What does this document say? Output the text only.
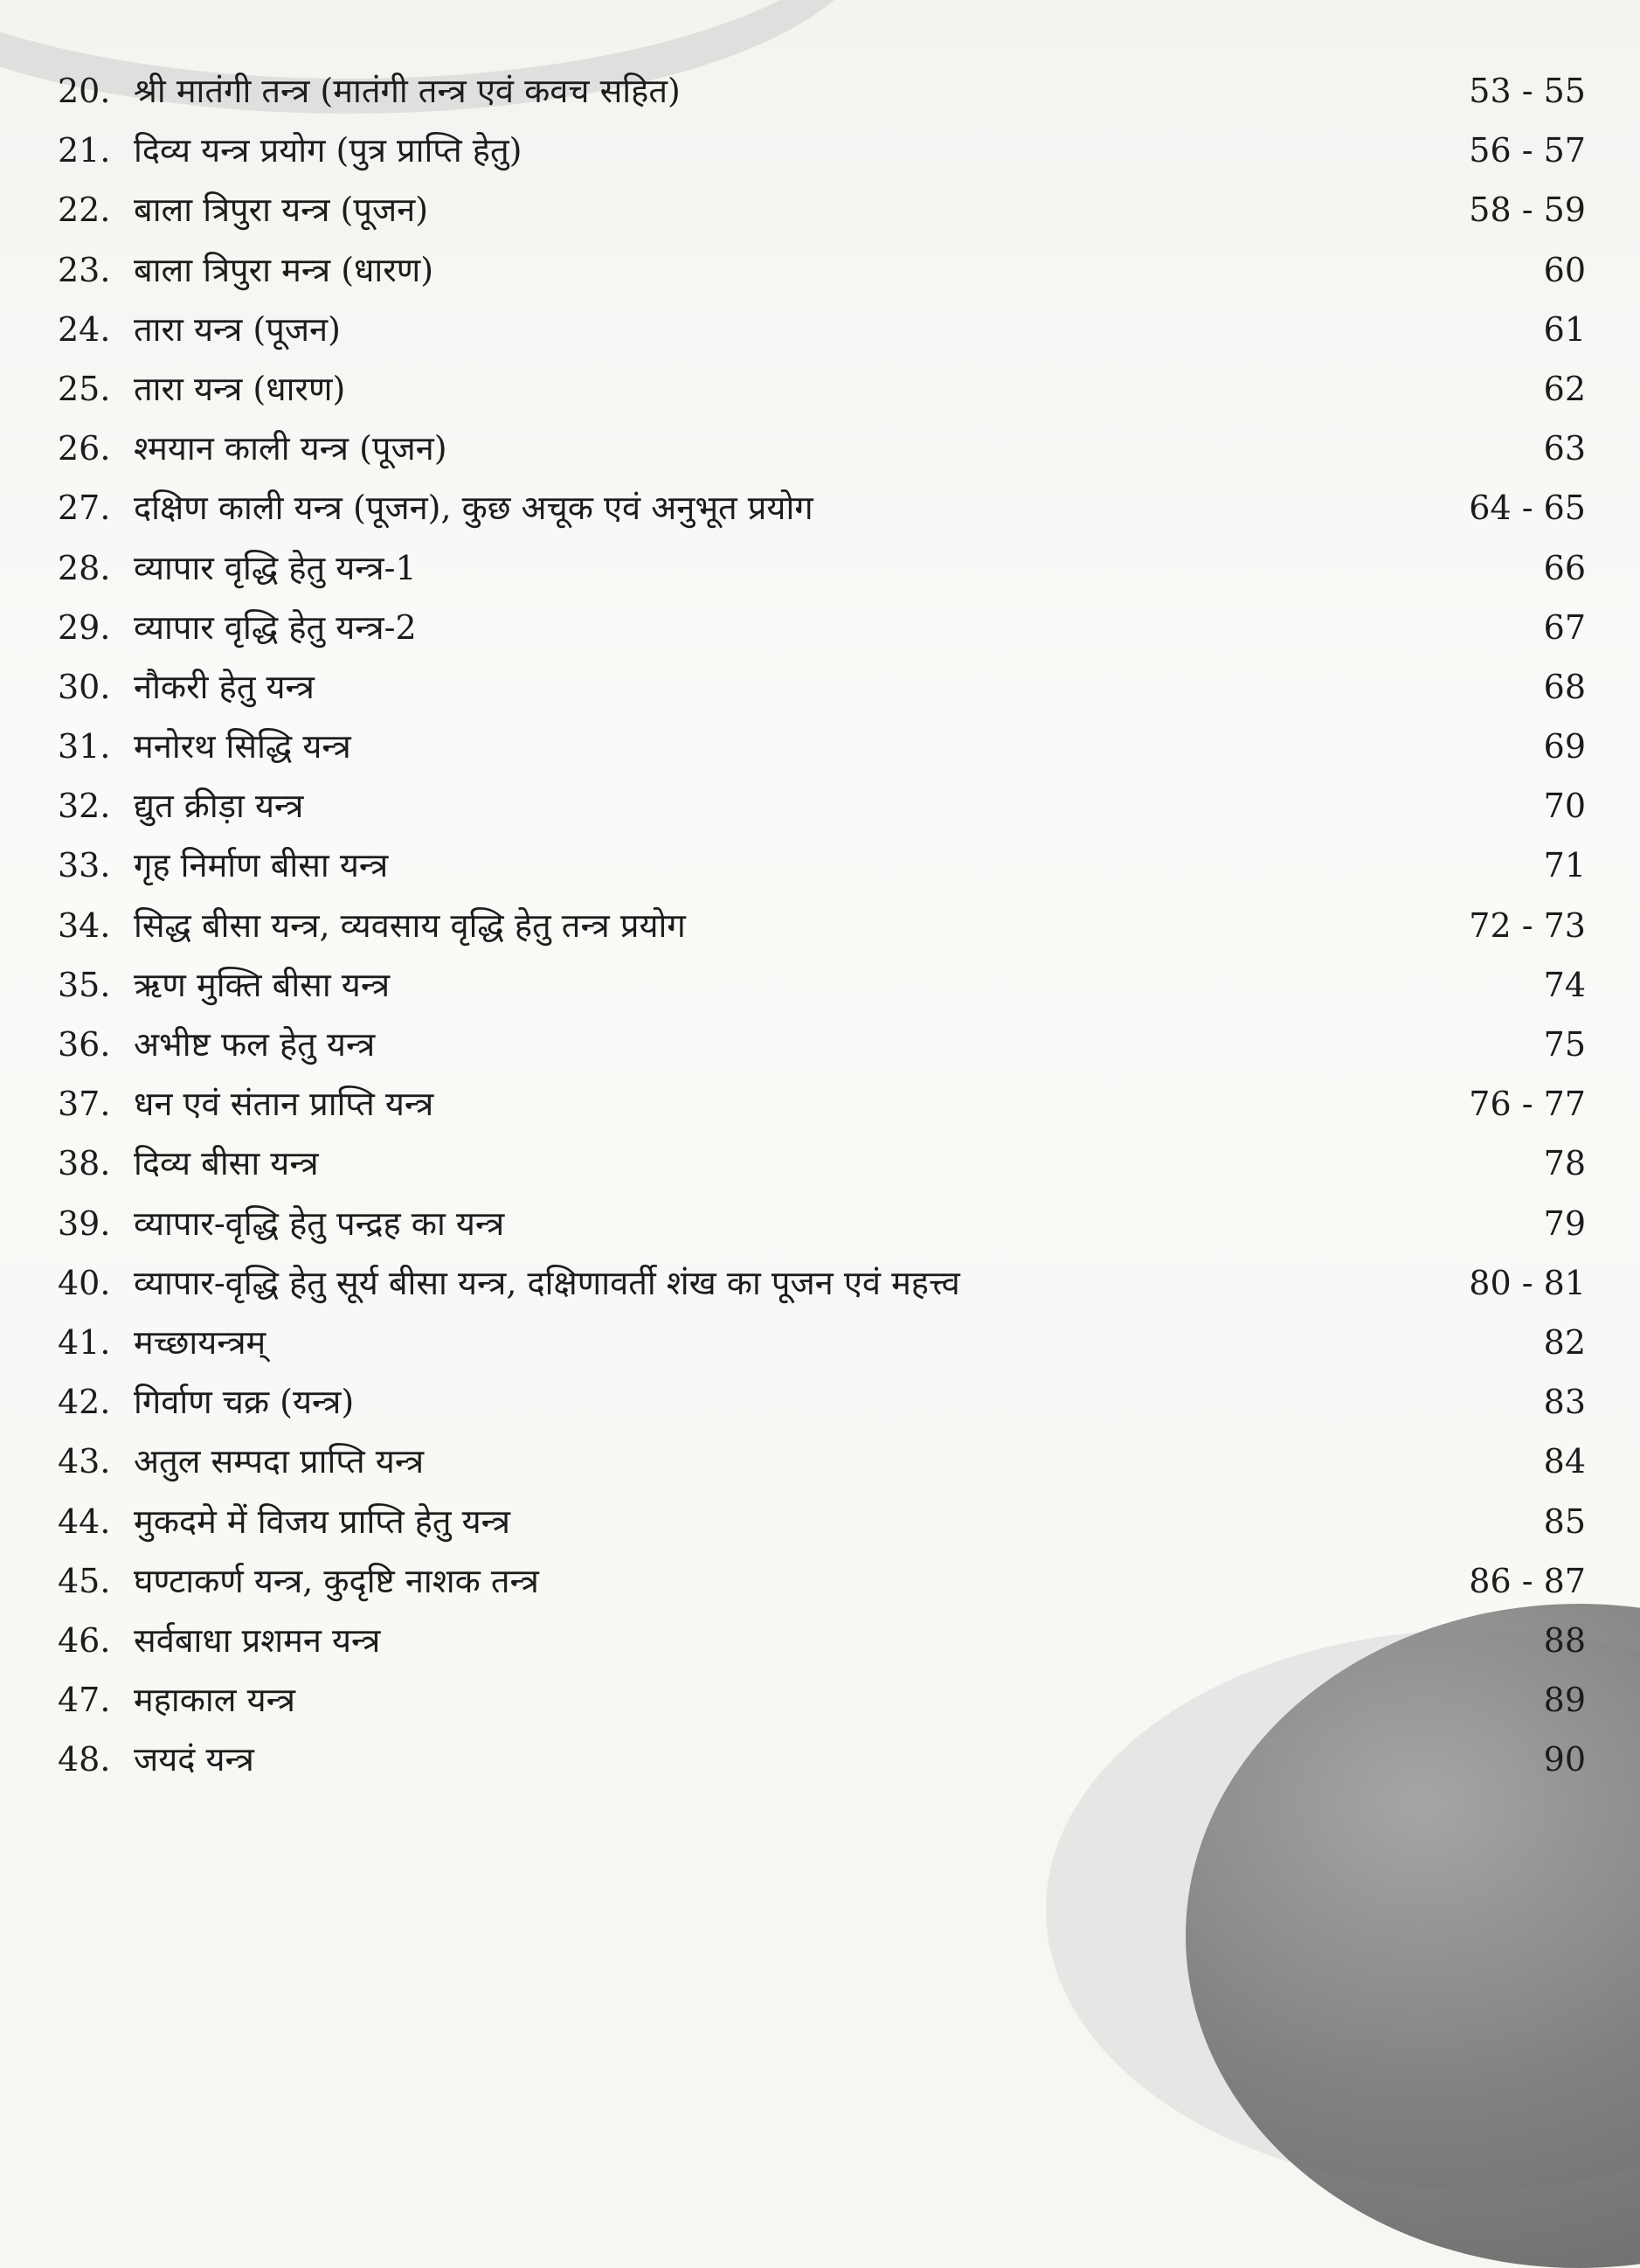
20. श्री मातंगी तन्त्र (मातंगी तन्त्र एवं कवच सहित)	53 - 55
21. दिव्य यन्त्र प्रयोग (पुत्र प्राप्ति हेतु)	56 - 57
22. बाला त्रिपुरा यन्त्र (पूजन)	58 - 59
23. बाला त्रिपुरा मन्त्र (धारण)	60
24. तारा यन्त्र (पूजन)	61
25. तारा यन्त्र (धारण)	62
26. श्मयान काली यन्त्र (पूजन)	63
27. दक्षिण काली यन्त्र (पूजन), कुछ अचूक एवं अनुभूत प्रयोग	64 - 65
28. व्यापार वृद्धि हेतु यन्त्र-1	66
29. व्यापार वृद्धि हेतु यन्त्र-2	67
30. नौकरी हेतु यन्त्र	68
31. मनोरथ सिद्धि यन्त्र	69
32. द्युत क्रीड़ा यन्त्र	70
33. गृह निर्माण बीसा यन्त्र	71
34. सिद्ध बीसा यन्त्र, व्यवसाय वृद्धि हेतु तन्त्र प्रयोग	72 - 73
35. ऋण मुक्ति बीसा यन्त्र	74
36. अभीष्ट फल हेतु यन्त्र	75
37. धन एवं संतान प्राप्ति यन्त्र	76 - 77
38. दिव्य बीसा यन्त्र	78
39. व्यापार-वृद्धि हेतु पन्द्रह का यन्त्र	79
40. व्यापार-वृद्धि हेतु सूर्य बीसा यन्त्र, दक्षिणावर्ती शंख का पूजन एवं महत्त्व	80 - 81
41. मच्छायन्त्रम्	82
42. गिर्वाण चक्र (यन्त्र)	83
43. अतुल सम्पदा प्राप्ति यन्त्र	84
44. मुकदमे में विजय प्राप्ति हेतु यन्त्र	85
45. घण्टाकर्ण यन्त्र, कुदृष्टि नाशक तन्त्र	86 - 87
46. सर्वबाधा प्रशमन यन्त्र	88
47. महाकाल यन्त्र	89
48. जयदं यन्त्र	90
